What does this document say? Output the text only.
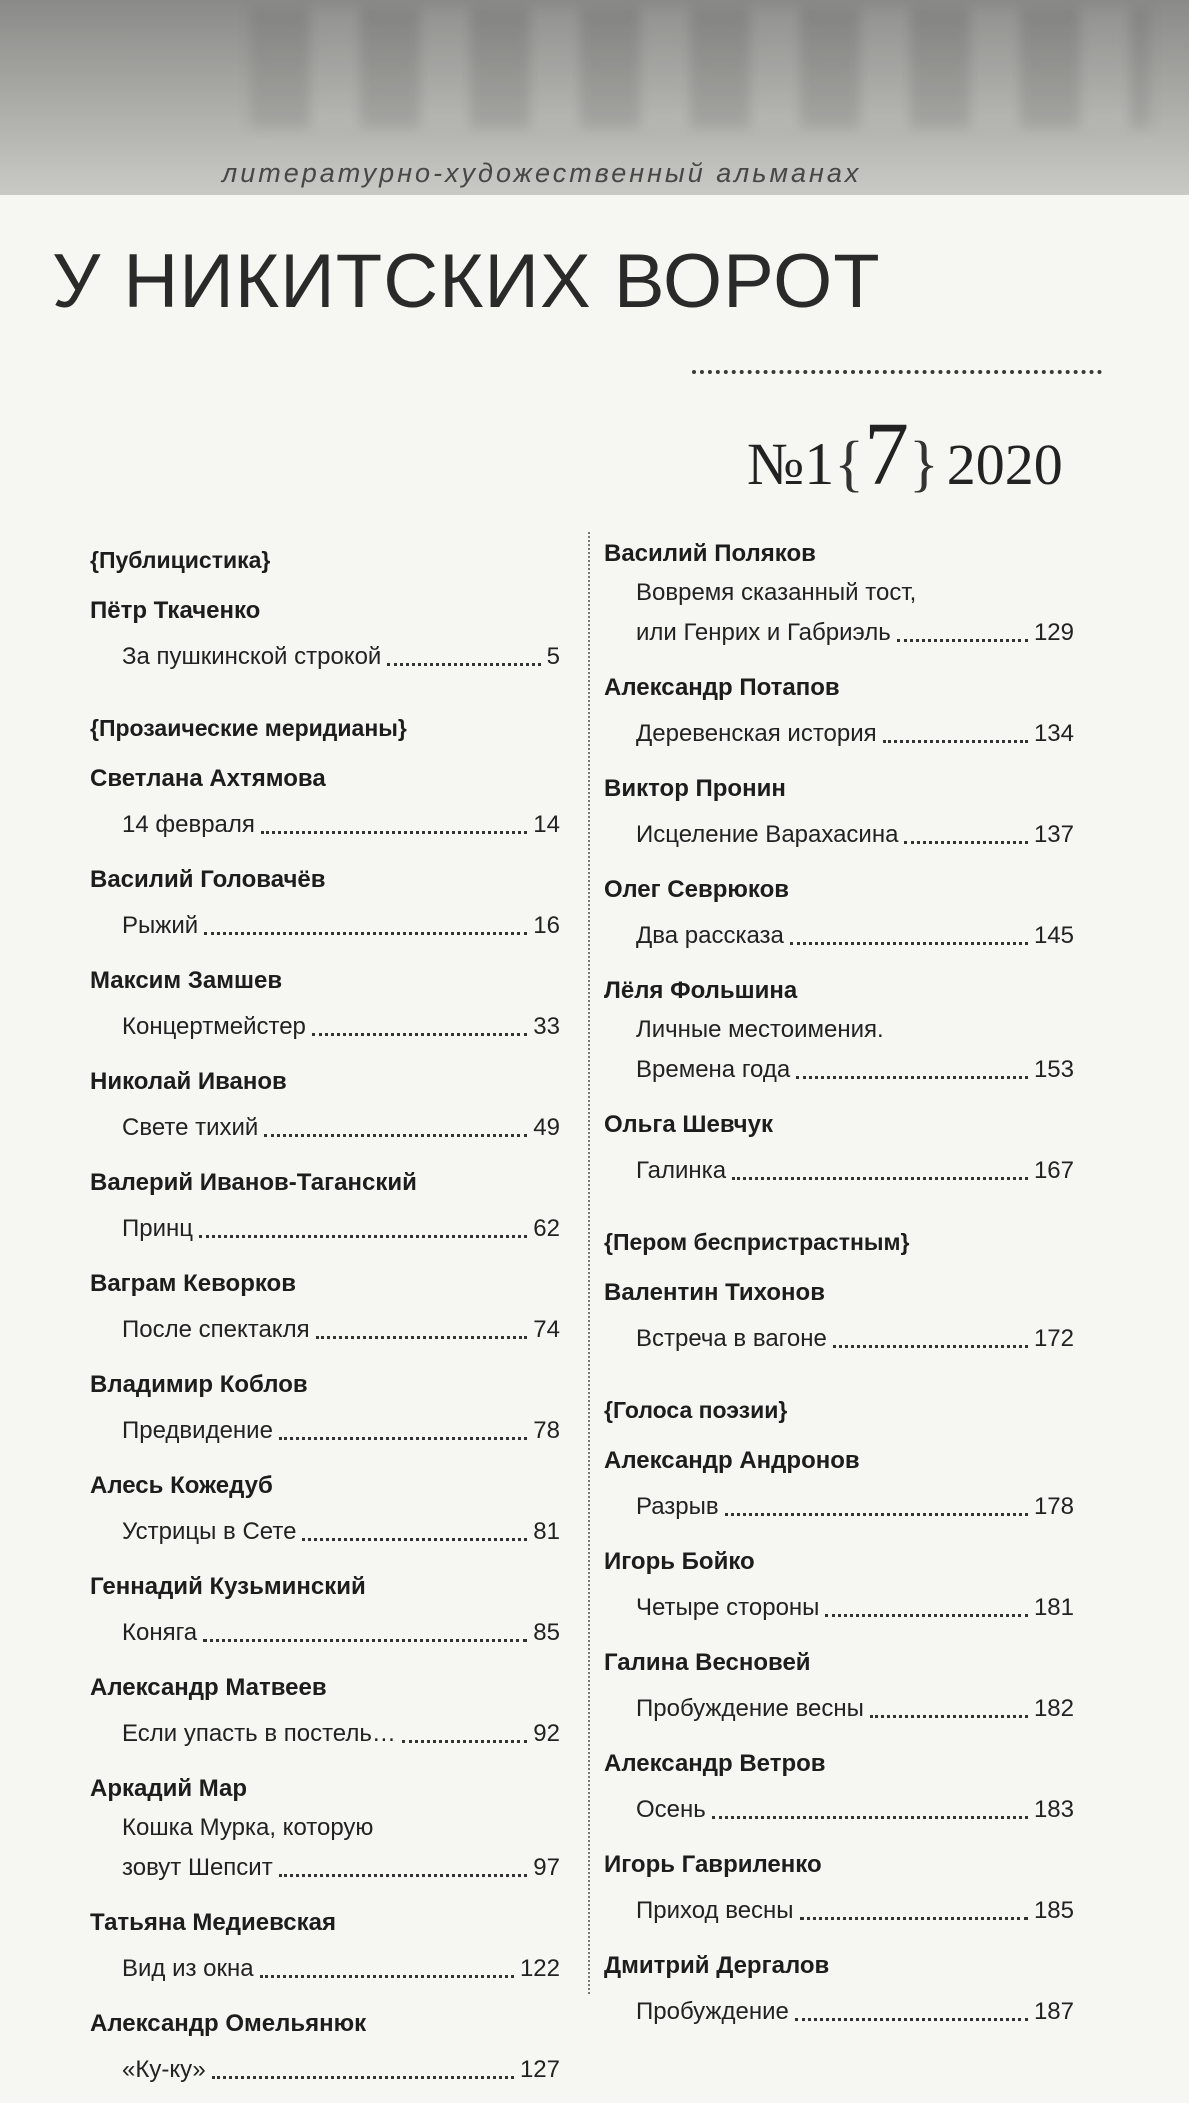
литературно-художественный альманах
У НИКИТСКИХ ВОРОТ
№1 { 7 } 2020
{Публицистика}
Пётр Ткаченко
За пушкинской строкой	5
{Прозаические меридианы}
Светлана Ахтямова
14 февраля	14
Василий Головачёв
Рыжий	16
Максим Замшев
Концертмейстер	33
Николай Иванов
Свете тихий	49
Валерий Иванов-Таганский
Принц	62
Ваграм Кеворков
После спектакля	74
Владимир Коблов
Предвидение	78
Алесь Кожедуб
Устрицы в Сете	81
Геннадий Кузьминский
Коняга	85
Александр Матвеев
Если упасть в постель…	92
Аркадий Мар
Кошка Мурка, которую
зовут Шепсит	97
Татьяна Медиевская
Вид из окна	122
Александр Омельянюк
«Ку-ку»	127
Василий Поляков
Вовремя сказанный тост,
или Генрих и Габриэль	129
Александр Потапов
Деревенская история	134
Виктор Пронин
Исцеление Варахасина	137
Олег Севрюков
Два рассказа	145
Лёля Фольшина
Личные местоимения.
Времена года	153
Ольга Шевчук
Галинка	167
{Пером беспристрастным}
Валентин Тихонов
Встреча в вагоне	172
{Голоса поэзии}
Александр Андронов
Разрыв	178
Игорь Бойко
Четыре стороны	181
Галина Весновей
Пробуждение весны	182
Александр Ветров
Осень	183
Игорь Гавриленко
Приход весны	185
Дмитрий Дергалов
Пробуждение	187
